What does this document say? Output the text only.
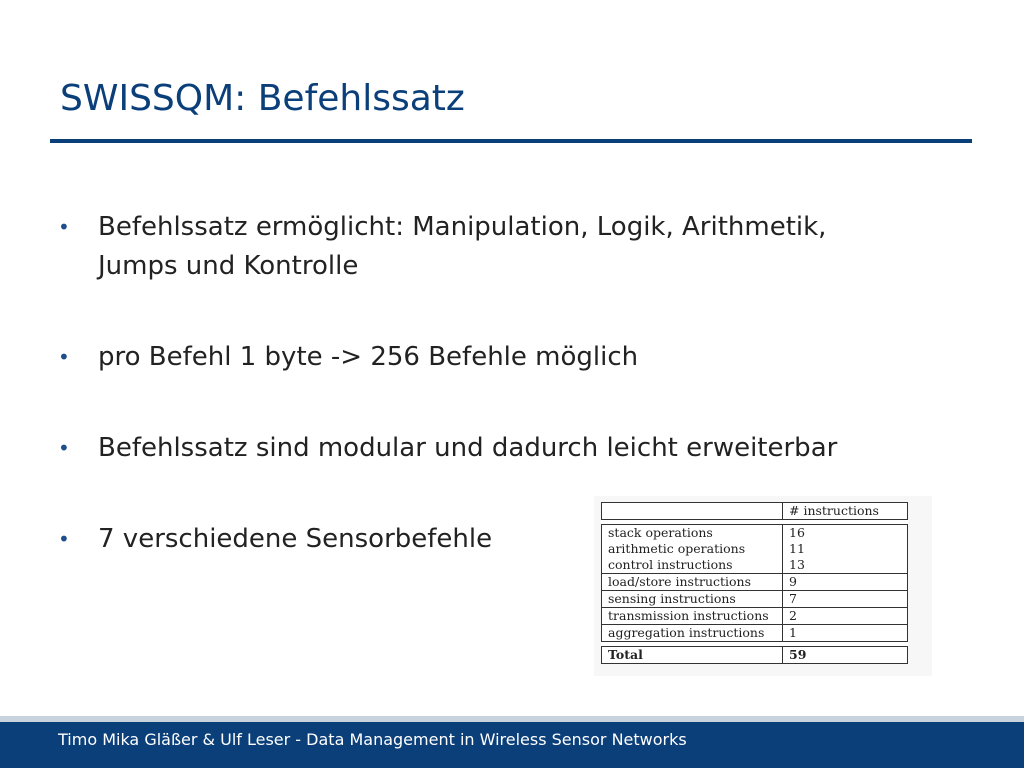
SWISSQM: Befehlssatz
• Befehlssatz ermöglicht: Manipulation, Logik, Arithmetik, Jumps und Kontrolle
• pro Befehl 1 byte -> 256 Befehle möglich
• Befehlssatz sind modular und dadurch leicht erweiterbar
• 7 verschiedene Sensorbefehle
	# instructions

stack operations	16
arithmetic operations	11
control instructions	13
load/store instructions	9
sensing instructions	7
transmission instructions	2
aggregation instructions	1

Total	59
Timo Mika Gläßer & Ulf Leser - Data Management in Wireless Sensor Networks
